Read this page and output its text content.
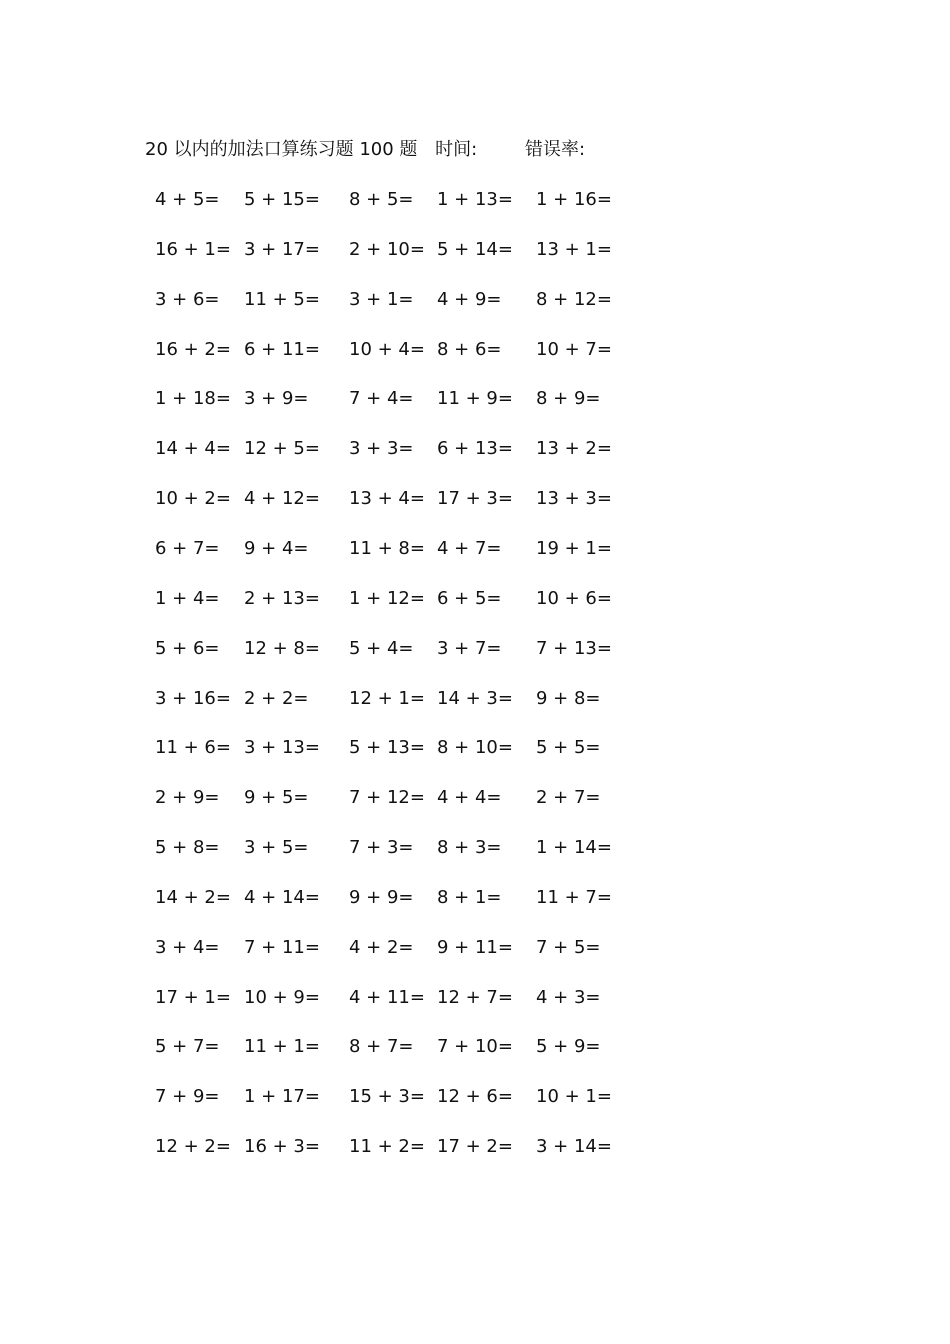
20 以内的加法口算练习题 100 题 时间:	错误率:
4 + 5= 5 + 15= 8 + 5= 1 + 13= 1 + 16=
16 + 1= 3 + 17= 2 + 10= 5 + 14= 13 + 1=
3 + 6= 11 + 5= 3 + 1= 4 + 9= 8 + 12=
16 + 2= 6 + 11= 10 + 4= 8 + 6= 10 + 7=
1 + 18= 3 + 9= 7 + 4= 11 + 9= 8 + 9=
14 + 4= 12 + 5= 3 + 3= 6 + 13= 13 + 2=
10 + 2= 4 + 12= 13 + 4= 17 + 3= 13 + 3=
6 + 7= 9 + 4= 11 + 8= 4 + 7= 19 + 1=
1 + 4= 2 + 13= 1 + 12= 6 + 5= 10 + 6=
5 + 6= 12 + 8= 5 + 4= 3 + 7= 7 + 13=
3 + 16= 2 + 2= 12 + 1= 14 + 3= 9 + 8=
11 + 6= 3 + 13= 5 + 13= 8 + 10= 5 + 5=
2 + 9= 9 + 5= 7 + 12= 4 + 4= 2 + 7=
5 + 8= 3 + 5= 7 + 3= 8 + 3= 1 + 14=
14 + 2= 4 + 14= 9 + 9= 8 + 1= 11 + 7=
3 + 4= 7 + 11= 4 + 2= 9 + 11= 7 + 5=
17 + 1= 10 + 9= 4 + 11= 12 + 7= 4 + 3=
5 + 7= 11 + 1= 8 + 7= 7 + 10= 5 + 9=
7 + 9= 1 + 17= 15 + 3= 12 + 6= 10 + 1=
12 + 2= 16 + 3= 11 + 2= 17 + 2= 3 + 14=
